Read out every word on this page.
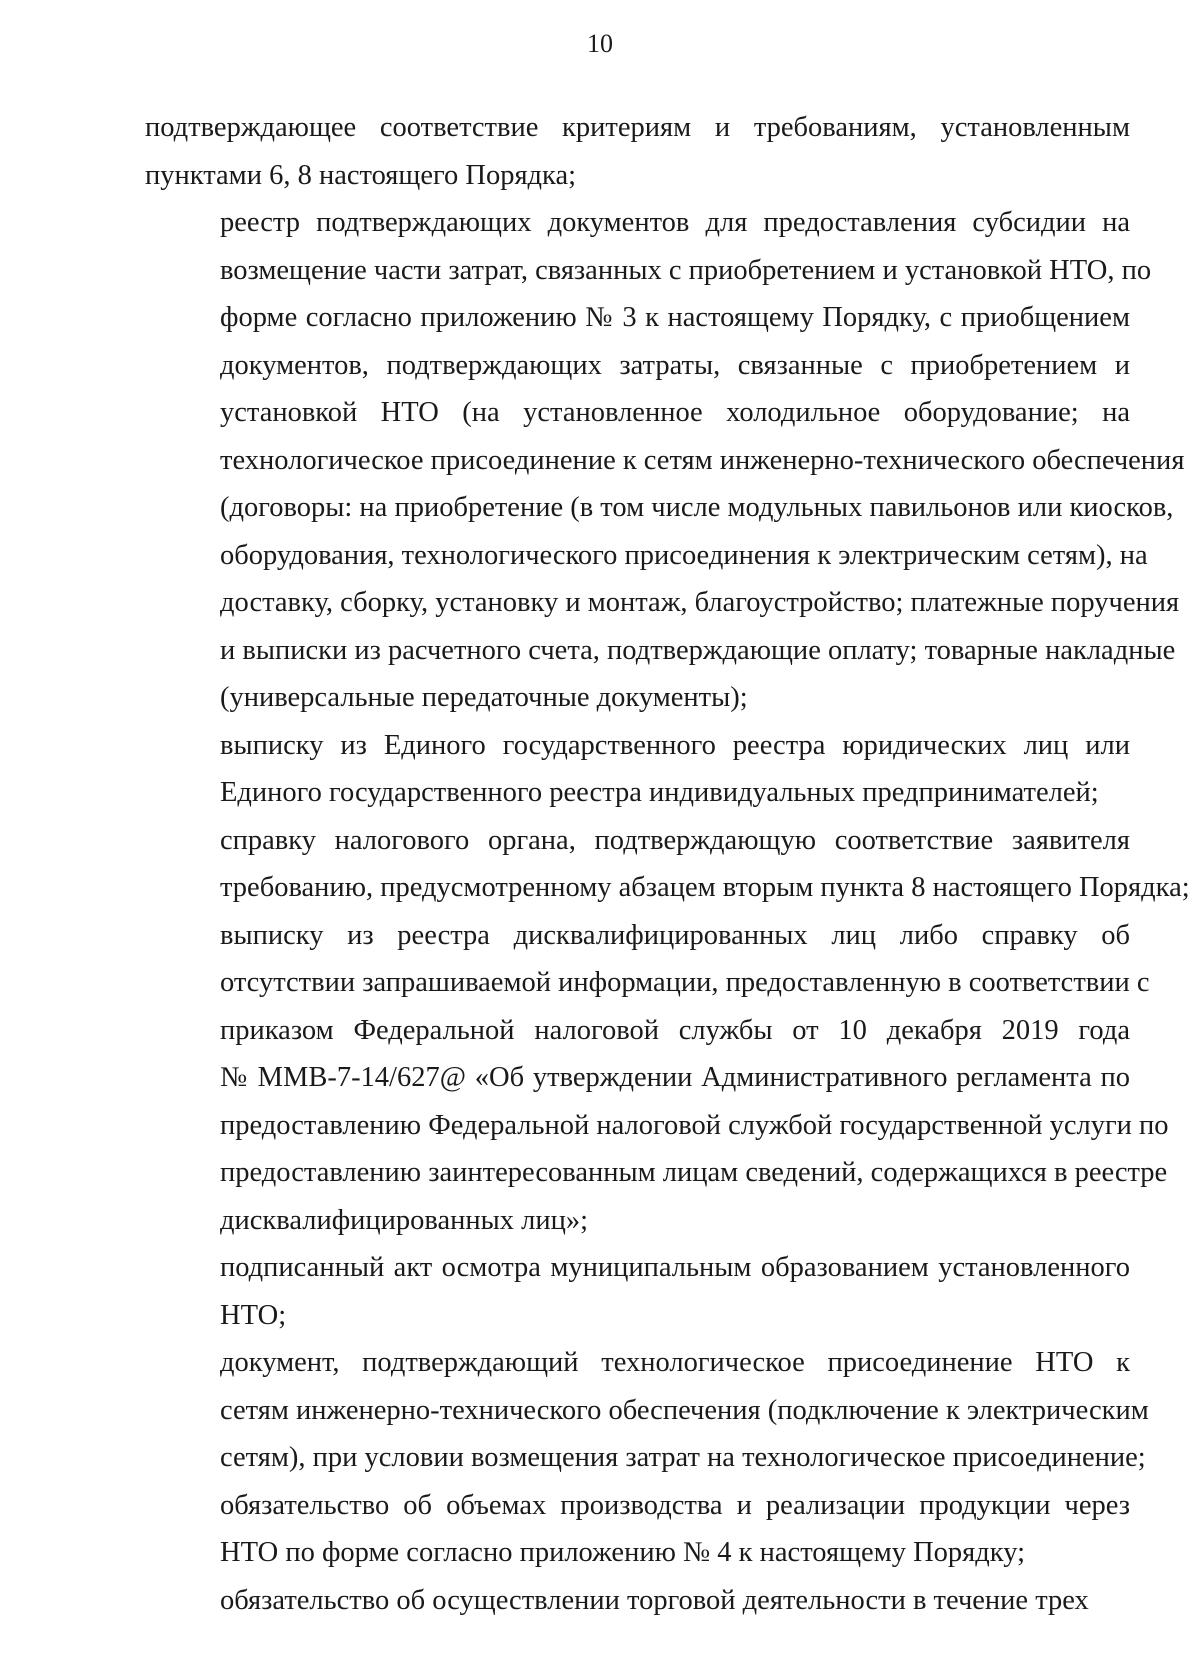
10

подтверждающее соответствие критериям и требованиям, установленным
пунктами 6, 8 настоящего Порядка;

реестр подтверждающих документов для предоставления субсидии на
возмещение части затрат, связанных с приобретением и установкой НТО, по
форме согласно приложению № 3 к настоящему Порядку, с приобщением
документов, подтверждающих затраты, связанные с приобретением и
установкой НТО (на установленное холодильное оборудование; на
технологическое присоединение к сетям инженерно-технического обеспечения
(договоры: на приобретение (в том числе модульных павильонов или киосков,
оборудования, технологического присоединения к электрическим сетям), на
доставку, сборку, установку и монтаж, благоустройство; платежные поручения
и выписки из расчетного счета, подтверждающие оплату; товарные накладные
(универсальные передаточные документы);

выписку из Единого государственного реестра юридических лиц или
Единого государственного реестра индивидуальных предпринимателей;

справку налогового органа, подтверждающую соответствие заявителя
требованию, предусмотренному абзацем вторым пункта 8 настоящего Порядка;

выписку из реестра дисквалифицированных лиц либо справку об
отсутствии запрашиваемой информации, предоставленную в соответствии с
приказом Федеральной налоговой службы от 10 декабря 2019 года
№ ММВ-7-14/627@ «Об утверждении Административного регламента по
предоставлению Федеральной налоговой службой государственной услуги по
предоставлению заинтересованным лицам сведений, содержащихся в реестре
дисквалифицированных лиц»;

подписанный акт осмотра муниципальным образованием установленного
НТО;

документ, подтверждающий технологическое присоединение НТО к
сетям инженерно-технического обеспечения (подключение к электрическим
сетям), при условии возмещения затрат на технологическое присоединение;

обязательство об объемах производства и реализации продукции через
НТО по форме согласно приложению № 4 к настоящему Порядку;

обязательство об осуществлении торговой деятельности в течение трех
